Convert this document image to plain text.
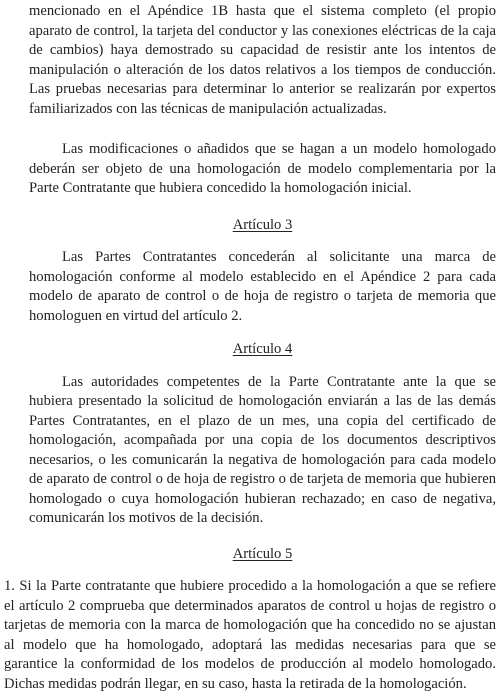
mencionado en el Apéndice 1B hasta que el sistema completo (el propio aparato de control, la tarjeta del conductor y las conexiones eléctricas de la caja de cambios) haya demostrado su capacidad de resistir ante los intentos de manipulación o alteración de los datos relativos a los tiempos de conducción. Las pruebas necesarias para determinar lo anterior se realizarán por expertos familiarizados con las técnicas de manipulación actualizadas.

Las modificaciones o añadidos que se hagan a un modelo homologado deberán ser objeto de una homologación de modelo complementaria por la Parte Contratante que hubiera concedido la homologación inicial.

Artículo 3

Las Partes Contratantes concederán al solicitante una marca de homologación conforme al modelo establecido en el Apéndice 2 para cada modelo de aparato de control o de hoja de registro o tarjeta de memoria que homologuen en virtud del artículo 2.

Artículo 4

Las autoridades competentes de la Parte Contratante ante la que se hubiera presentado la solicitud de homologación enviarán a las de las demás Partes Contratantes, en el plazo de un mes, una copia del certificado de homologación, acompañada por una copia de los documentos descriptivos necesarios, o les comunicarán la negativa de homologación para cada modelo de aparato de control o de hoja de registro o de tarjeta de memoria que hubieren homologado o cuya homologación hubieran rechazado; en caso de negativa, comunicarán los motivos de la decisión.

Artículo 5

1. Si la Parte contratante que hubiere procedido a la homologación a que se refiere el artículo 2 comprueba que determinados aparatos de control u hojas de registro o tarjetas de memoria con la marca de homologación que ha concedido no se ajustan al modelo que ha homologado, adoptará las medidas necesarias para que se garantice la conformidad de los modelos de producción al modelo homologado. Dichas medidas podrán llegar, en su caso, hasta la retirada de la homologación.
